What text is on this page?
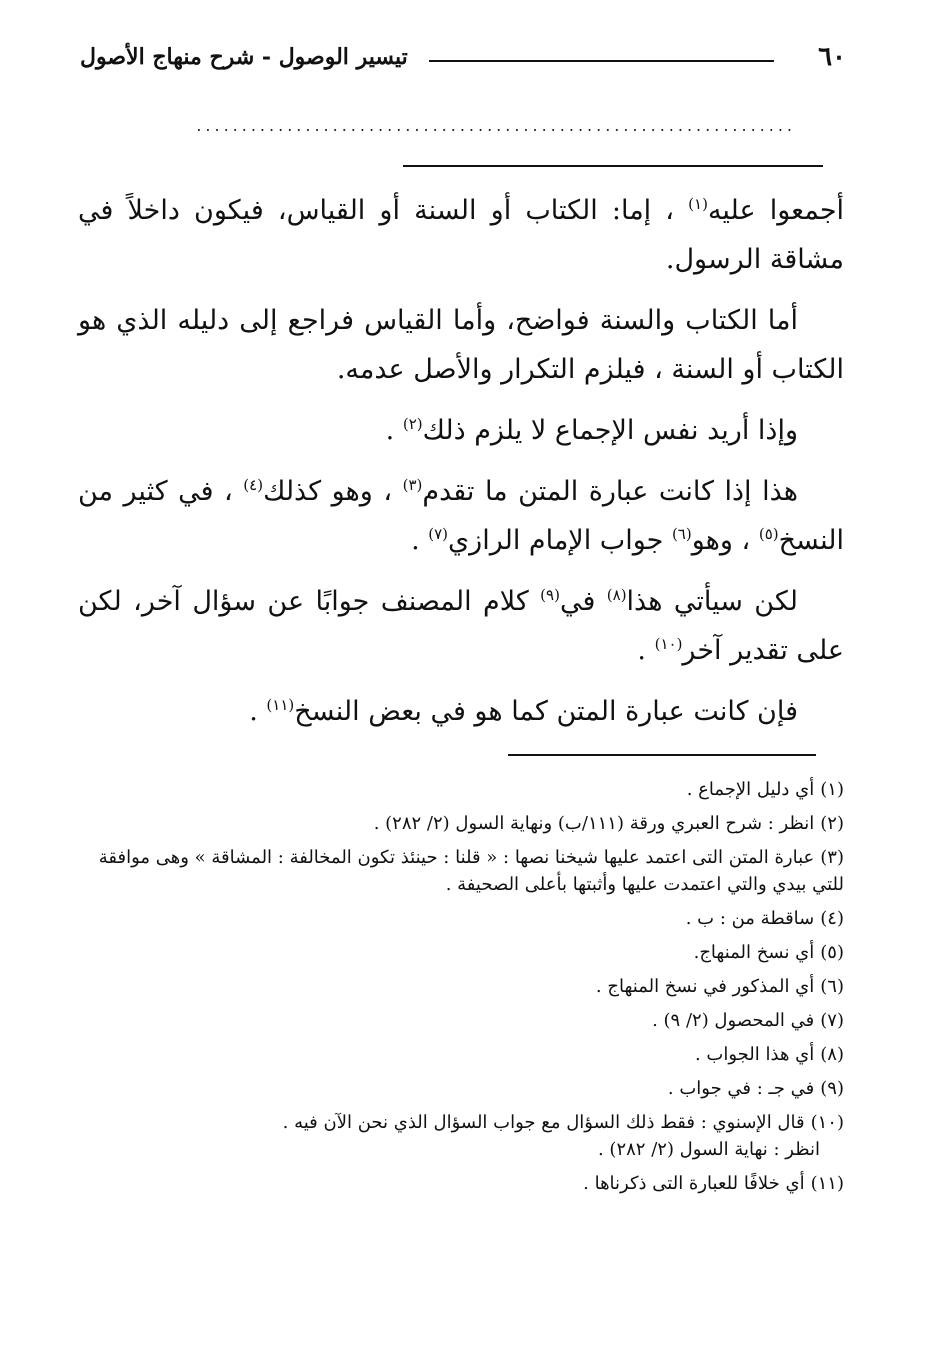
٦٠
تيسير الوصول - شرح منهاج الأصول
..................................................................

أجمعوا عليه$^{(١)}$ ، إما: الكتاب أو السنة أو القياس، فيكون داخلاً في مشاقة الرسول.

أما الكتاب والسنة فواضح، وأما القياس فراجع إلى دليله الذي هو الكتاب أو السنة ، فيلزم التكرار والأصل عدمه.

وإذا أريد نفس الإجماع لا يلزم ذلك$^{(٢)}$ .

هذا إذا كانت عبارة المتن ما تقدم$^{(٣)}$ ، وهو كذلك$^{(٤)}$ ، في كثير من النسخ$^{(٥)}$ ، وهو$^{(٦)}$ جواب الإمام الرازي$^{(٧)}$ .

لكن سيأتي هذا$^{(٨)}$ في$^{(٩)}$ كلام المصنف جوابًا عن سؤال آخر، لكن على تقدير آخر$^{(١٠)}$ .

فإن كانت عبارة المتن كما هو في بعض النسخ$^{(١١)}$ .

(١)أي دليل الإجماع .
(٢)انظر : شرح العبري ورقة (١١١/ب) ونهاية السول (٢/ ٢٨٢) .
(٣)عبارة المتن التى اعتمد عليها شيخنا نصها : « قلنا : حينئذ تكون المخالفة : المشاقة » وهى موافقة للتي بيدي والتي اعتمدت عليها وأثبتها بأعلى الصحيفة .
(٤)ساقطة من : ب .
(٥)أي نسخ المنهاج.
(٦)أي المذكور في نسخ المنهاج .
(٧)في المحصول (٢/ ٩) .
(٨)أي هذا الجواب .
(٩)في جـ : في جواب .
(١٠)قال الإسنوي : فقط ذلك السؤال مع جواب السؤال الذي نحن الآن فيه .
انظر : نهاية السول (٢/ ٢٨٢) .
(١١)أي خلافًا للعبارة التى ذكرناها .
